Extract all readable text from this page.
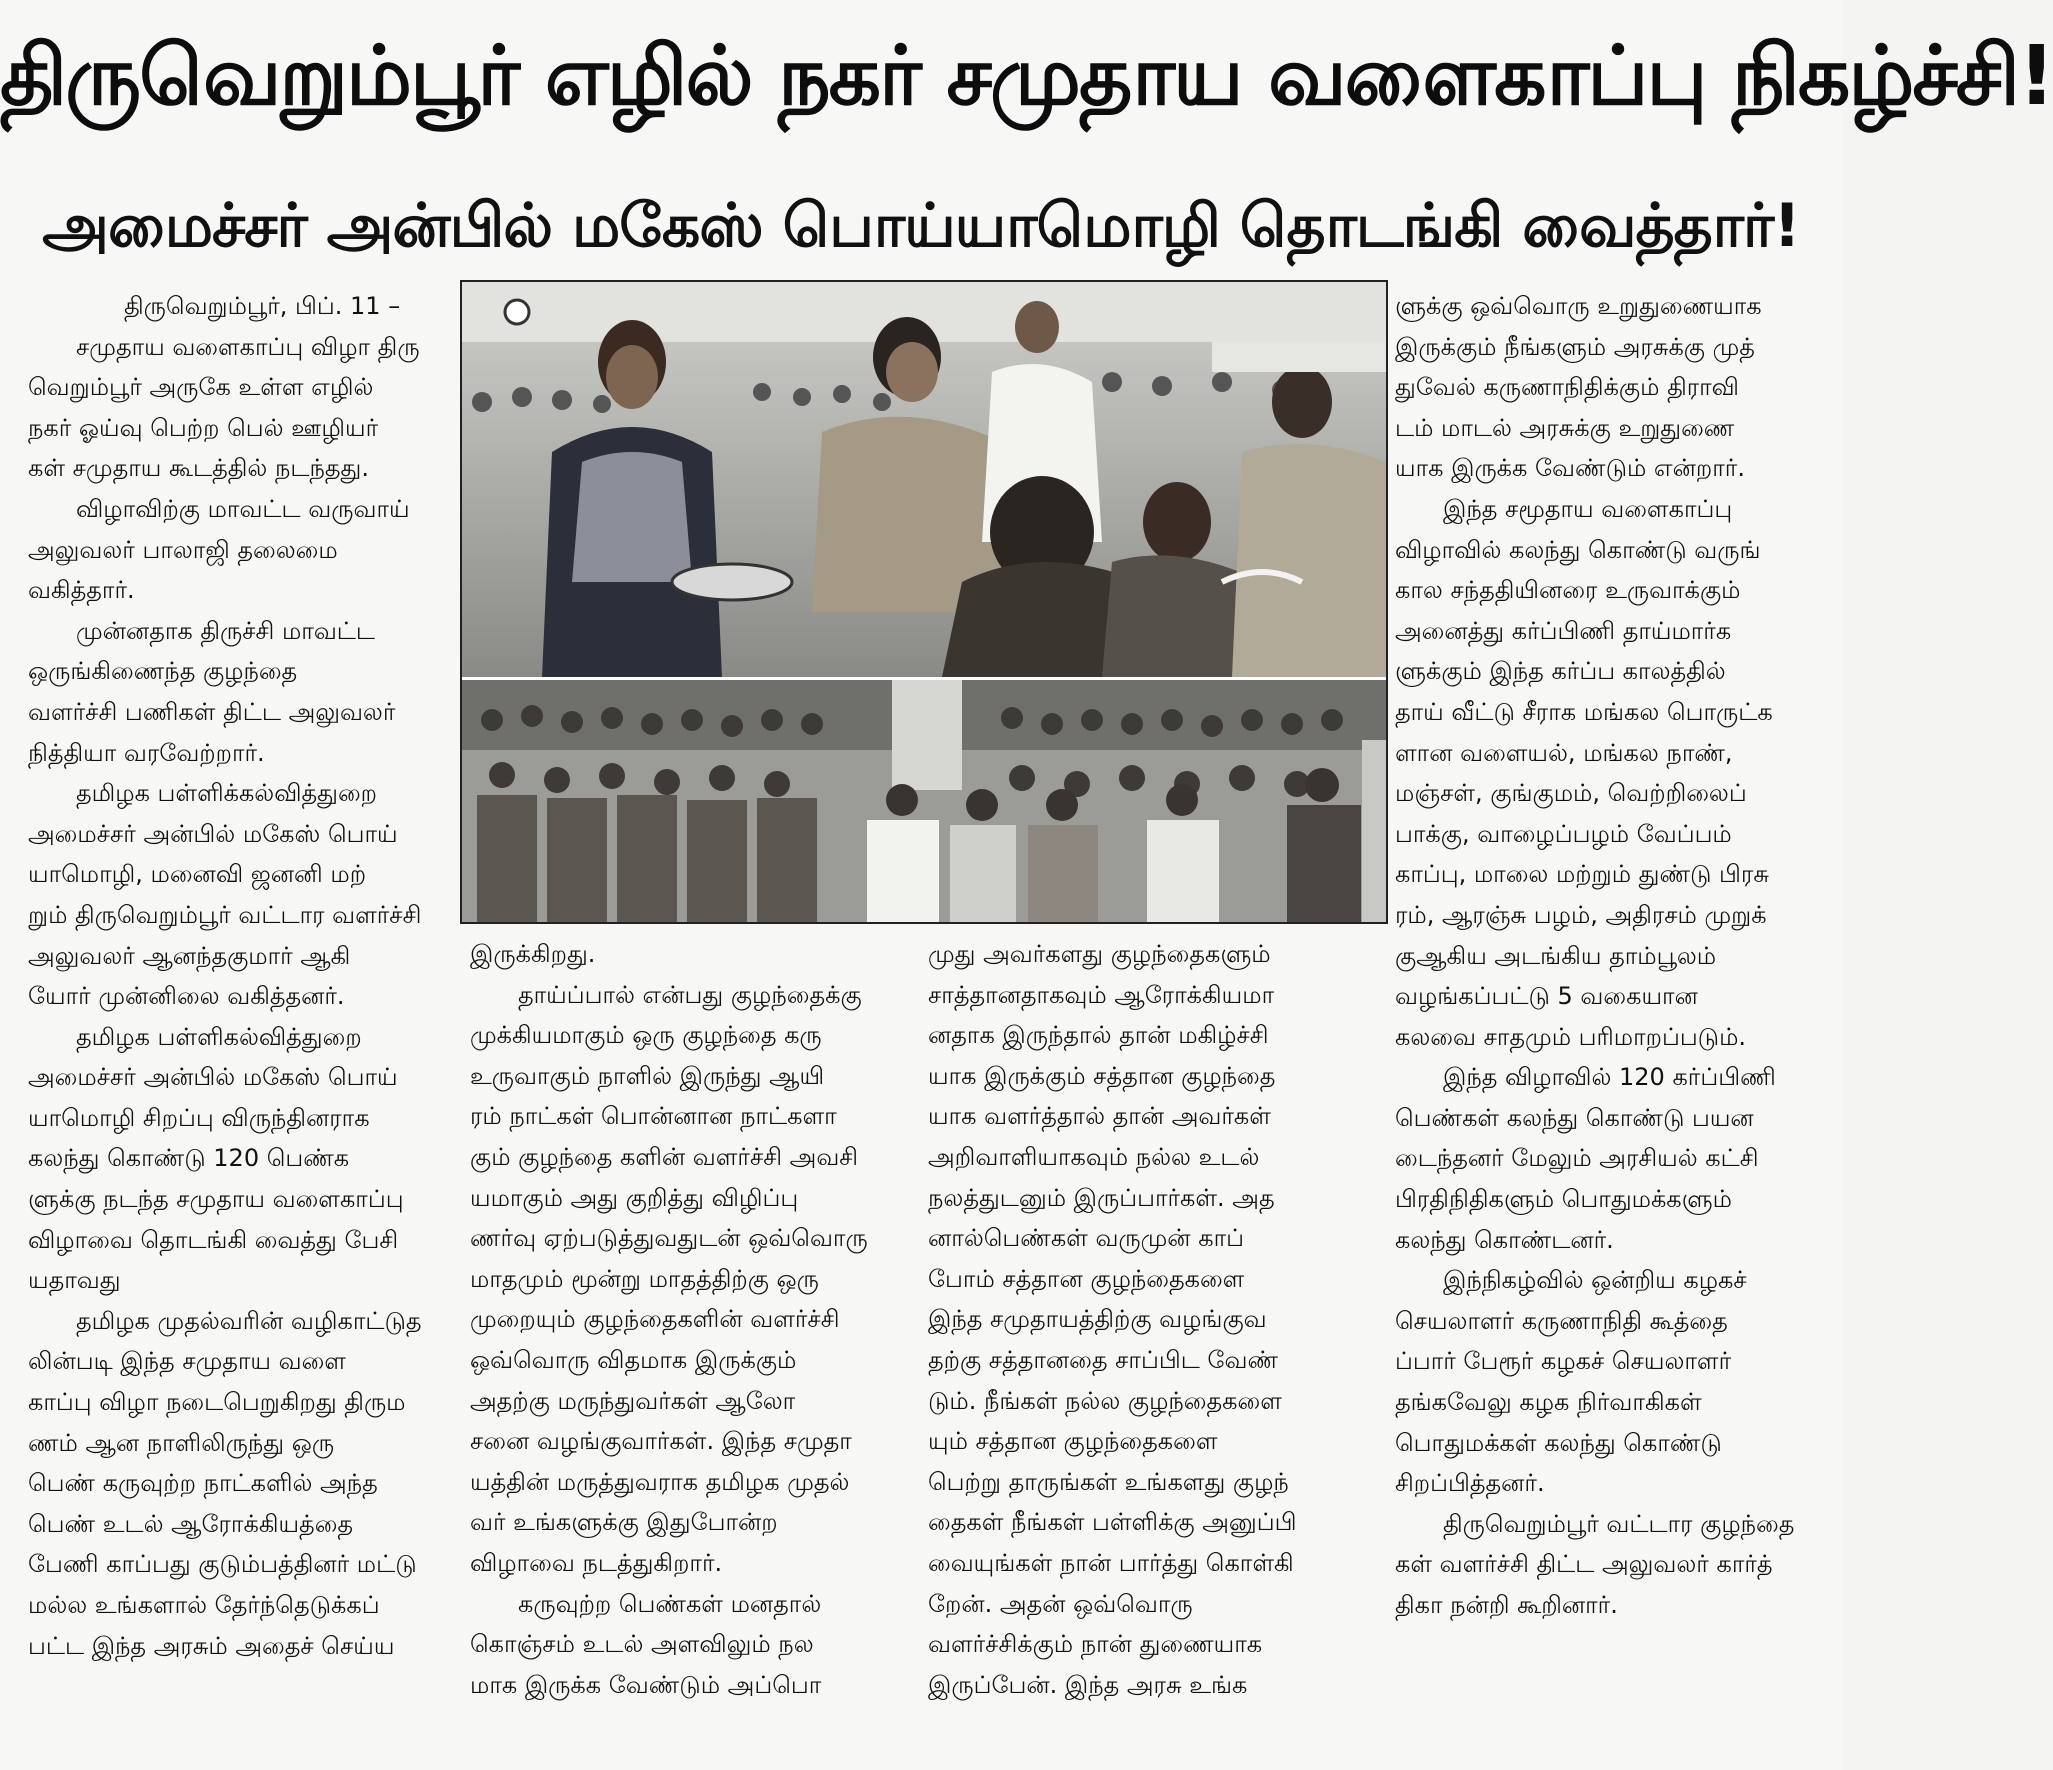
திருவெறும்பூர் எழில் நகர் சமுதாய வளைகாப்பு நிகழ்ச்சி!
அமைச்சர் அன்பில் மகேஸ் பொய்யாமொழி தொடங்கி வைத்தார்!
திருவெறும்பூர், பிப். 11 –
சமுதாய வளைகாப்பு விழா திரு
வெறும்பூர் அருகே உள்ள எழில்
நகர் ஓய்வு பெற்ற பெல் ஊழியர்
கள் சமுதாய கூடத்தில் நடந்தது.
விழாவிற்கு மாவட்ட வருவாய்
அலுவலர் பாலாஜி தலைமை
வகித்தார்.
முன்னதாக திருச்சி மாவட்ட
ஒருங்கிணைந்த குழந்தை
வளர்ச்சி பணிகள் திட்ட அலுவலர்
நித்தியா வரவேற்றார்.
தமிழக பள்ளிக்கல்வித்துறை
அமைச்சர் அன்பில் மகேஸ் பொய்
யாமொழி, மனைவி ஜனனி மற்
றும் திருவெறும்பூர் வட்டார வளர்ச்சி
அலுவலர் ஆனந்தகுமார் ஆகி
யோர் முன்னிலை வகித்தனர்.
தமிழக பள்ளிகல்வித்துறை
அமைச்சர் அன்பில் மகேஸ் பொய்
யாமொழி சிறப்பு விருந்தினராக
கலந்து கொண்டு 120 பெண்க
ளுக்கு நடந்த சமுதாய வளைகாப்பு
விழாவை தொடங்கி வைத்து பேசி
யதாவது
தமிழக முதல்வரின் வழிகாட்டுத
லின்படி இந்த சமுதாய வளை
காப்பு விழா நடைபெறுகிறது திரும
ணம் ஆன நாளிலிருந்து ஒரு
பெண் கருவுற்ற நாட்களில் அந்த
பெண் உடல் ஆரோக்கியத்தை
பேணி காப்பது குடும்பத்தினர் மட்டு
மல்ல உங்களால் தேர்ந்தெடுக்கப்
பட்ட இந்த அரசும் அதைச் செய்ய
இருக்கிறது.
தாய்ப்பால் என்பது குழந்தைக்கு
முக்கியமாகும் ஒரு குழந்தை கரு
உருவாகும் நாளில் இருந்து ஆயி
ரம் நாட்கள் பொன்னான நாட்களா
கும் குழந்தை களின் வளர்ச்சி அவசி
யமாகும் அது குறித்து விழிப்பு
ணர்வு ஏற்படுத்துவதுடன் ஒவ்வொரு
மாதமும் மூன்று மாதத்திற்கு ஒரு
முறையும் குழந்தைகளின் வளர்ச்சி
ஒவ்வொரு விதமாக இருக்கும்
அதற்கு மருந்துவர்கள் ஆலோ
சனை வழங்குவார்கள். இந்த சமுதா
யத்தின் மருத்துவராக தமிழக முதல்
வர் உங்களுக்கு இதுபோன்ற
விழாவை நடத்துகிறார்.
கருவுற்ற பெண்கள் மனதால்
கொஞ்சம் உடல் அளவிலும் நல
மாக இருக்க வேண்டும் அப்பொ
முது அவர்களது குழந்தைகளும்
சாத்தானதாகவும் ஆரோக்கியமா
னதாக இருந்தால் தான் மகிழ்ச்சி
யாக இருக்கும் சத்தான குழந்தை
யாக வளர்த்தால் தான் அவர்கள்
அறிவாளியாகவும் நல்ல உடல்
நலத்துடனும் இருப்பார்கள். அத
னால்பெண்கள் வருமுன் காப்
போம் சத்தான குழந்தைகளை
இந்த சமுதாயத்திற்கு வழங்குவ
தற்கு சத்தானதை சாப்பிட வேண்
டும். நீங்கள் நல்ல குழந்தைகளை
யும் சத்தான குழந்தைகளை
பெற்று தாருங்கள் உங்களது குழந்
தைகள் நீங்கள் பள்ளிக்கு அனுப்பி
வையுங்கள் நான் பார்த்து கொள்கி
றேன். அதன் ஒவ்வொரு
வளர்ச்சிக்கும் நான் துணையாக
இருப்பேன். இந்த அரசு உங்க
ளுக்கு ஒவ்வொரு உறுதுணையாக
இருக்கும் நீங்களும் அரசுக்கு முத்
துவேல் கருணாநிதிக்கும் திராவி
டம் மாடல் அரசுக்கு உறுதுணை
யாக இருக்க வேண்டும் என்றார்.
இந்த சமூதாய வளைகாப்பு
விழாவில் கலந்து கொண்டு வருங்
கால சந்ததியினரை உருவாக்கும்
அனைத்து கர்ப்பிணி தாய்மார்க
ளுக்கும் இந்த கர்ப்ப காலத்தில்
தாய் வீட்டு சீராக மங்கல பொருட்க
ளான வளையல், மங்கல நாண்,
மஞ்சள், குங்குமம், வெற்றிலைப்
பாக்கு, வாழைப்பழம் வேப்பம்
காப்பு, மாலை மற்றும் துண்டு பிரசு
ரம், ஆரஞ்சு பழம், அதிரசம் முறுக்
குஆகிய அடங்கிய தாம்பூலம்
வழங்கப்பட்டு 5 வகையான
கலவை சாதமும் பரிமாறப்படும்.
இந்த விழாவில் 120 கர்ப்பிணி
பெண்கள் கலந்து கொண்டு பயன
டைந்தனர் மேலும் அரசியல் கட்சி
பிரதிநிதிகளும் பொதுமக்களும்
கலந்து கொண்டனர்.
இந்நிகழ்வில் ஒன்றிய கழகச்
செயலாளர் கருணாநிதி கூத்தை
ப்பார் பேரூர் கழகச் செயலாளர்
தங்கவேலு கழக நிர்வாகிகள்
பொதுமக்கள் கலந்து கொண்டு
சிறப்பித்தனர்.
திருவெறும்பூர் வட்டார குழந்தை
கள் வளர்ச்சி திட்ட அலுவலர் கார்த்
திகா நன்றி கூறினார்.
